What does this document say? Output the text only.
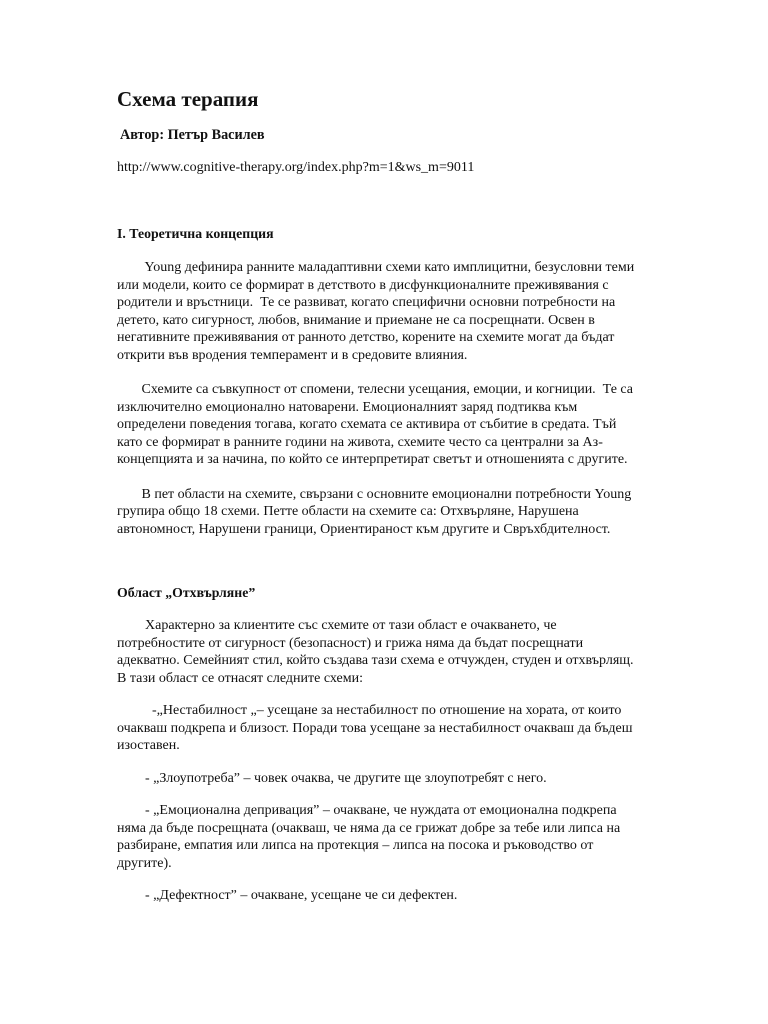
Схема терапия
Автор: Петър Василев
http://www.cognitive-therapy.org/index.php?m=1&ws_m=9011
I. Теоретична концепция

Young дефинира ранните маладаптивни схеми като имплицитни, безусловни теми
или модели, които се формират в детството в дисфункционалните преживявания с
родители и връстници.  Те се развиват, когато специфични основни потребности на
детето, като сигурност, любов, внимание и приемане не са посрещнати. Освен в
негативните преживявания от ранното детство, корените на схемите могат да бъдат
открити във вродения темперамент и в средовите влияния.

Схемите са съвкупност от спомени, телесни усещания, емоции, и когниции.  Те са
изключително емоционално натоварени. Емоционалният заряд подтиква към
определени поведения тогава, когато схемата се активира от събитие в средата. Тъй
като се формират в ранните години на живота, схемите често са централни за Аз-
концепцията и за начина, по който се интерпретират светът и отношенията с другите.

В пет области на схемите, свързани с основните емоционални потребности Young
групира общо 18 схеми. Петте области на схемите са: Отхвърляне, Нарушена
автономност, Нарушени граници, Ориентираност към другите и Свръхбдителност.

Област „Отхвърляне”

Характерно за клиентите със схемите от тази област е очакването, че
потребностите от сигурност (безопасност) и грижа няма да бъдат посрещнати
адекватно. Семейният стил, който създава тази схема е отчужден, студен и отхвърлящ.
В тази област се отнасят следните схеми:

-„Нестабилност „– усещане за нестабилност по отношение на хората, от които
очакваш подкрепа и близост. Поради това усещане за нестабилност очакваш да бъдеш
изоставен.

- „Злоупотреба” – човек очаква, че другите ще злоупотребят с него.

- „Емоционална депривация” – очакване, че нуждата от емоционална подкрепа
няма да бъде посрещната (очакваш, че няма да се грижат добре за тебе или липса на
разбиране, емпатия или липса на протекция – липса на посока и ръководство от
другите).

- „Дефектност” – очакване, усещане че си дефектен.
